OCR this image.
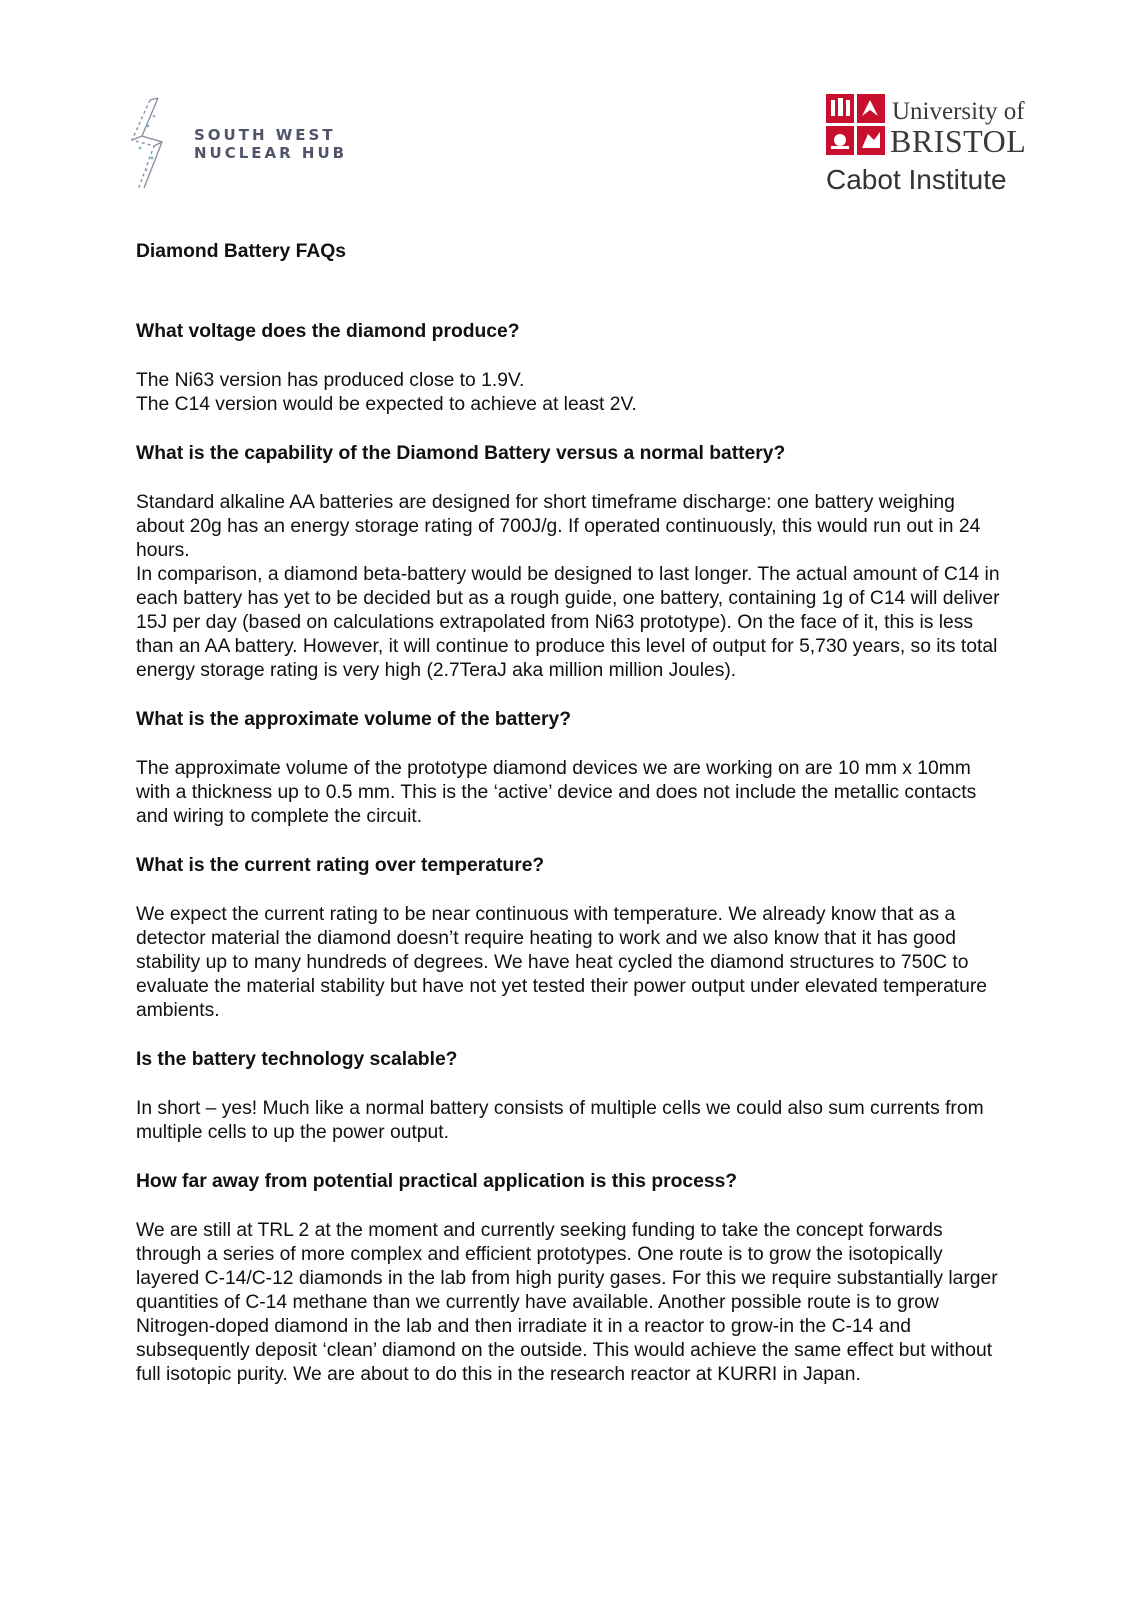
SOUTH WEST
NUCLEAR HUB
University of
BRISTOL
Cabot Institute
Diamond Battery FAQs
What voltage does the diamond produce?

The Ni63 version has produced close to 1.9V.

The C14 version would be expected to achieve at least 2V.

What is the capability of the Diamond Battery versus a normal battery?

Standard alkaline AA batteries are designed for short timeframe discharge: one battery weighing about 20g has an energy storage rating of 700J/g. If operated continuously, this would run out in 24 hours.

In comparison, a diamond beta-battery would be designed to last longer. The actual amount of C14 in each battery has yet to be decided but as a rough guide, one battery, containing 1g of C14 will deliver 15J per day (based on calculations extrapolated from Ni63 prototype). On the face of it, this is less than an AA battery. However, it will continue to produce this level of output for 5,730 years, so its total energy storage rating is very high (2.7TeraJ aka million million Joules).

What is the approximate volume of the battery?

The approximate volume of the prototype diamond devices we are working on are 10 mm x 10mm with a thickness up to 0.5 mm. This is the ‘active’ device and does not include the metallic contacts and wiring to complete the circuit.

What is the current rating over temperature?

We expect the current rating to be near continuous with temperature. We already know that as a detector material the diamond doesn’t require heating to work and we also know that it has good stability up to many hundreds of degrees. We have heat cycled the diamond structures to 750C to evaluate the material stability but have not yet tested their power output under elevated temperature ambients.

Is the battery technology scalable?

In short – yes! Much like a normal battery consists of multiple cells we could also sum currents from multiple cells to up the power output.

How far away from potential practical application is this process?

We are still at TRL 2 at the moment and currently seeking funding to take the concept forwards through a series of more complex and efficient prototypes. One route is to grow the isotopically layered C-14/C-12 diamonds in the lab from high purity gases. For this we require substantially larger quantities of C-14 methane than we currently have available. Another possible route is to grow Nitrogen-doped diamond in the lab and then irradiate it in a reactor to grow-in the C-14 and subsequently deposit ‘clean’ diamond on the outside. This would achieve the same effect but without full isotopic purity. We are about to do this in the research reactor at KURRI in Japan.
